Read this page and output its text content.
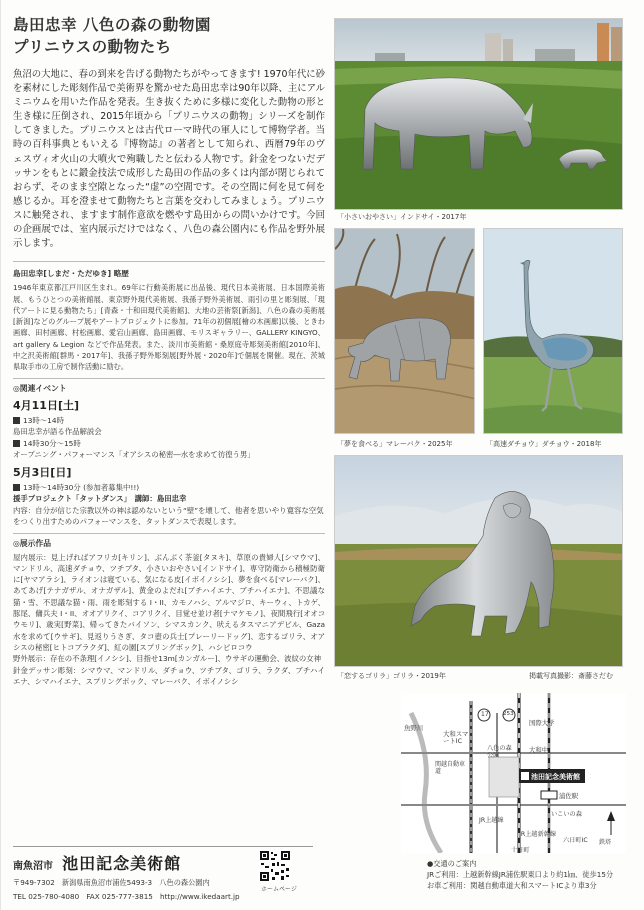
島田忠幸 八色の森の動物園
プリニウスの動物たち

魚沼の大地に、春の到来を告げる動物たちがやってきます! 1970年代に砂を素材にした彫刻作品で美術界を驚かせた島田忠幸は90年以降、主にアルミニウムを用いた作品を発表。生き抜くために多様に変化した動物の形と生き様に圧倒され、2015年頃から「プリニウスの動物」シリーズを制作してきました。プリニウスとは古代ローマ時代の軍人にして博物学者。当時の百科事典ともいえる『博物誌』の著者として知られ、西暦79年のヴェスヴィオ火山の大噴火で殉職したと伝わる人物です。針金をつないだデッサンをもとに鍛金技法で成形した島田の作品の多くは内部が閉じられておらず、そのまま空隙となった“虚”の空間です。その空間に何を見て何を感じるか。耳を澄ませて動物たちと言葉を交わしてみましょう。プリニウスに触発され、ますます制作意欲を燃やす島田からの問いかけです。今回の企画展では、室内展示だけではなく、八色の森公園内にも作品を野外展示します。

島田忠幸[しまだ・ただゆき] 略歴

1946年東京都江戸川区生まれ。69年に行動美術展に出品後、現代日本美術展、日本国際美術展、もうひとつの美術館展、東京野外現代美術展、我孫子野外美術展、雨引の里と彫刻展、「現代アートに見る動物たち」[青森・十和田現代美術館]、大地の芸術祭[新潟]、八色の森の美術展[新潟]などのグループ展やアートプロジェクトに参加。71年の初個展[檜の木画廊]以後、ときわ画廊、田村画廊、村松画廊、愛宕山画廊、島田画廊、モリスギャラリー、GALLERY KINGYO、art gallery & Legion などで作品発表。また、淡川市美術館・桑原庭寺彫刻美術館[2010年]、中之沢美術館[群馬・2017年]、我孫子野外彫刻展[野外展・2020年]で個展を開催。現在、茨城県取手市の工房で制作活動に励む。

◎関連イベント
4月11日[土]
13時～14時
島田忠幸が語る作品解説会
14時30分～15時
オープニング・パフォーマンス「オアシスの秘密―水を求めて彷徨う男」
5月3日[日]
13時～14時30分 (参加者募集中!!)
援手プロジェクト「タットダンス」　講師：島田忠幸
内容：自分が信じた宗教以外の神は認めないという“壁”を壊して、他者を思いやり寛容な空気をつくり出すためのパフォーマンスを、タットダンスで表現します。
◎展示作品

屋内展示：見上げればアフリカ[キリン]、ぶんぶく茶釜[タヌキ]、草原の貴婦人[シマウマ]、マンドリル、高速ダチョウ、ツチブタ、小さいおやさい[インドサイ]、専守防衛から積極防衛に[ヤマアラシ]、ライオンは寝ている、気になる皮[イボイノシシ]、夢を食べる[マレーバク]、あてあげ[テナガザル、オナガザル]、黄金のよだれ[ブチハイエナ、ブチハイエナ]、不思議な猫・雪、不思議な猫・雨、雨を彫刻する I・II、カモノハシ、アルマジロ、キーウィ、トカゲ、豚尾、傭兵夫 I・II、オオアリクイ、コアリクイ、目覚せ並け者[ナマケモノ]、夜間飛行[オオコウモリ]、歳実[野菜]、帰ってきたバイソン、シマスカンク、吠えるタスマニアデビル、Gaza水を求めて[ウサギ]、見返りうさぎ、タコ壺の兵士[プレーリードッグ]、恋するゴリラ、オアシスの秘密[ヒトコブラクダ]、紅の園[スプリングボック]、ハシビロコウ

野外展示：存在の不条理[イノシシ]、目指せ13m[カンガルー]、ウサギの運動会、波紋の女神

針金デッサン彫刻：シマウマ、マンドリル、ダチョウ、ツチブタ、ゴリラ、ラクダ、ブチハイエナ、シマハイエナ、スプリングボック、マレーバク、イボイノシシ

南魚沼市 池田記念美術館
〒949-7302　新潟県南魚沼市浦佐5493-3　八色の森公園内
TEL 025-780-4080　FAX 025-777-3815　http://www.ikedaart.jp
ホームページ
「小さいおやさい」インドサイ・2017年
「夢を食べる」マレーバク・2025年	「高速ダチョウ」ダチョウ・2018年
「恋するゴリラ」ゴリラ・2019年	掲載写真撮影：斎藤さだむ
魚野川
大和スマートIC
関越自動車道
国際大学
大和中
八色の森公園
池田記念美術館
浦佐駅
JR上越線
JR上越新幹線
いこいの森
六日町IC
十日町
鉄塔
17	253
●交通のご案内
JRご利用：上越新幹線JR浦佐駅東口より約1㎞、徒歩15分
お車ご利用：関越自動車道大和スマートICより車3分
